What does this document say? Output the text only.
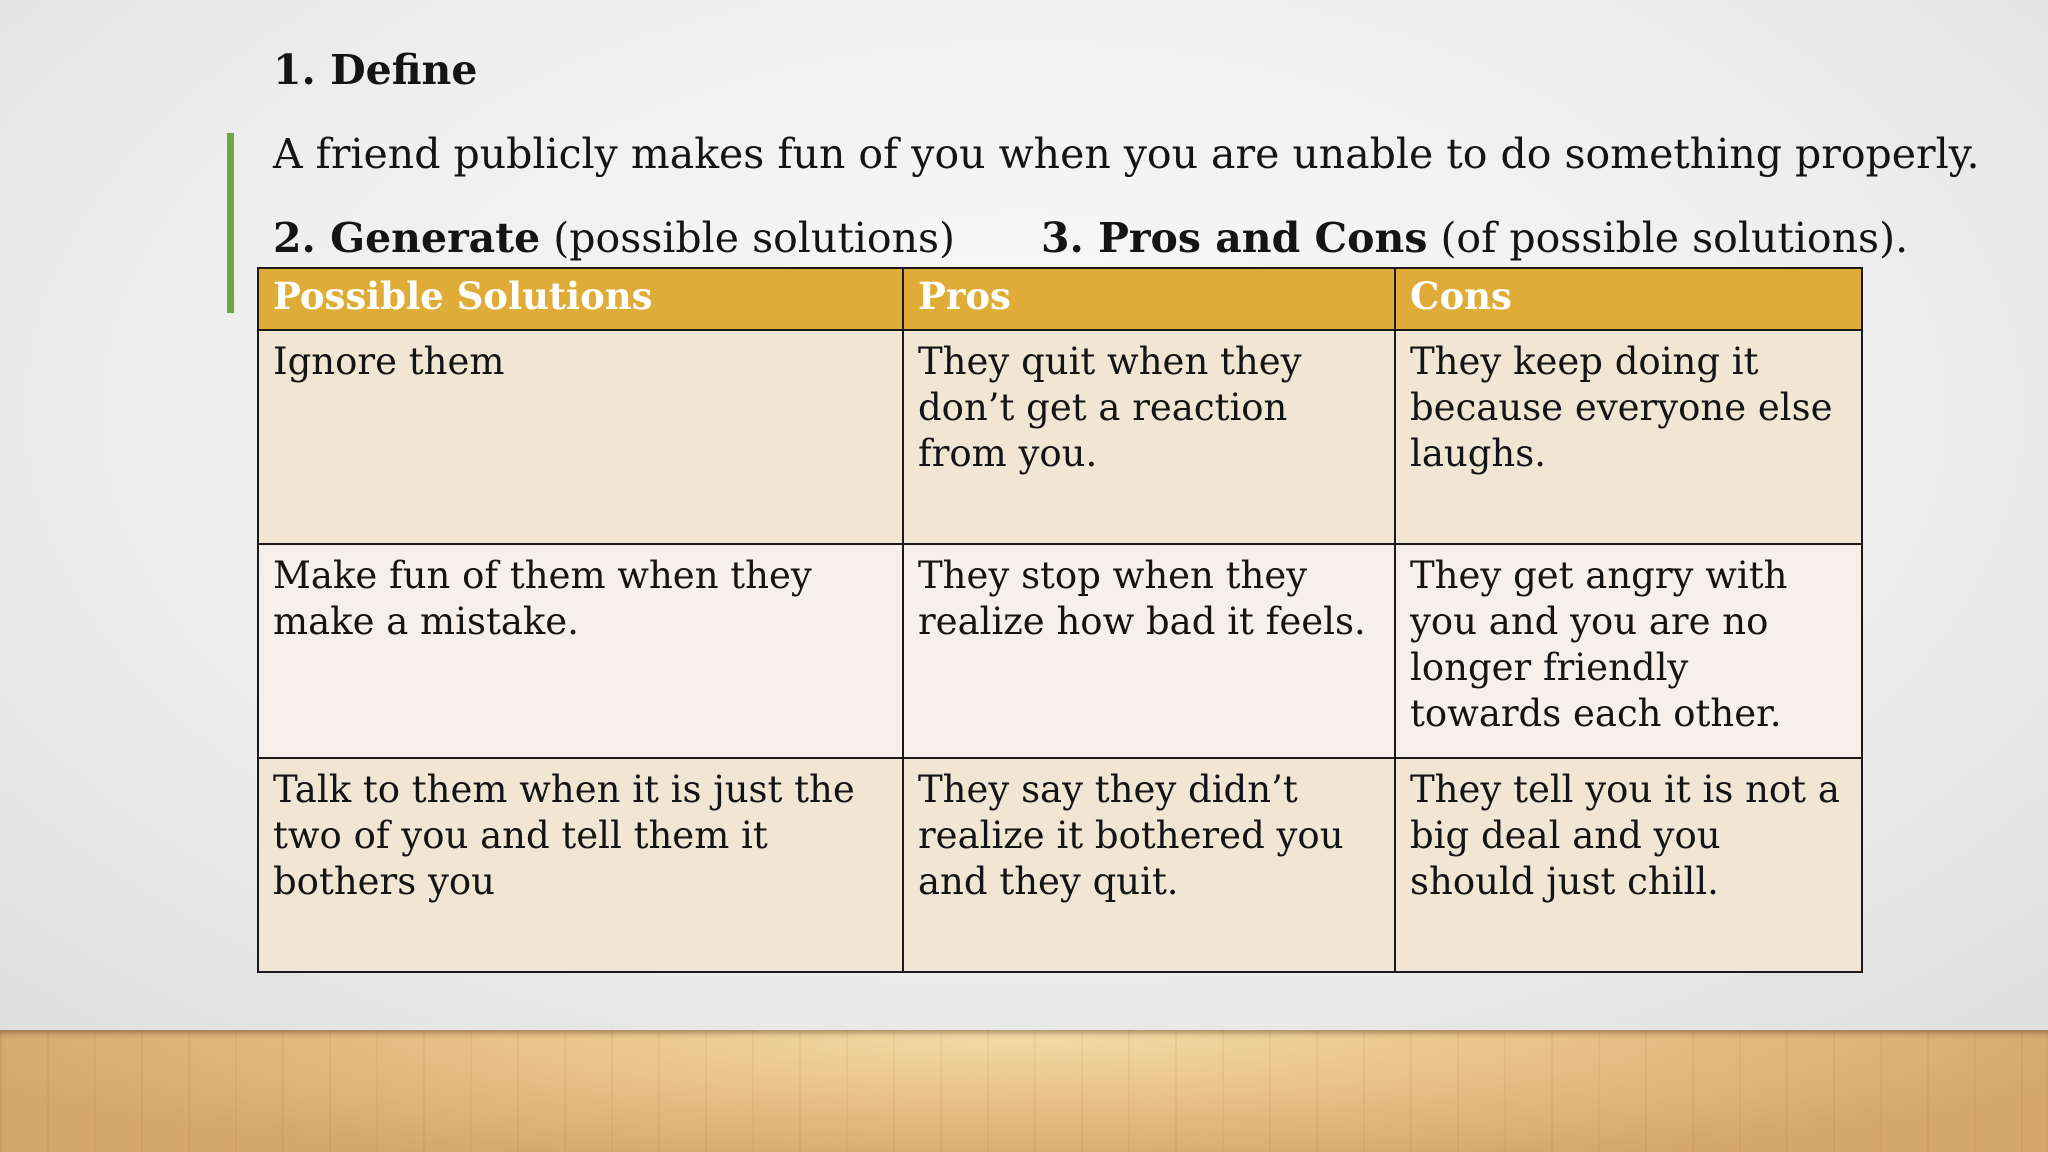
1. Define
A friend publicly makes fun of you when you are unable to do something properly.
2. Generate (possible solutions) 3. Pros and Cons (of possible solutions).
Possible Solutions	Pros	Cons
Ignore them	They quit when they don’t get a reaction from you.	They keep doing it because everyone else laughs.
Make fun of them when they make a mistake.	They stop when they realize how bad it feels.	They get angry with you and you are no longer friendly towards each other.
Talk to them when it is just the two of you and tell them it bothers you	They say they didn’t realize it bothered you and they quit.	They tell you it is not a big deal and you should just chill.
